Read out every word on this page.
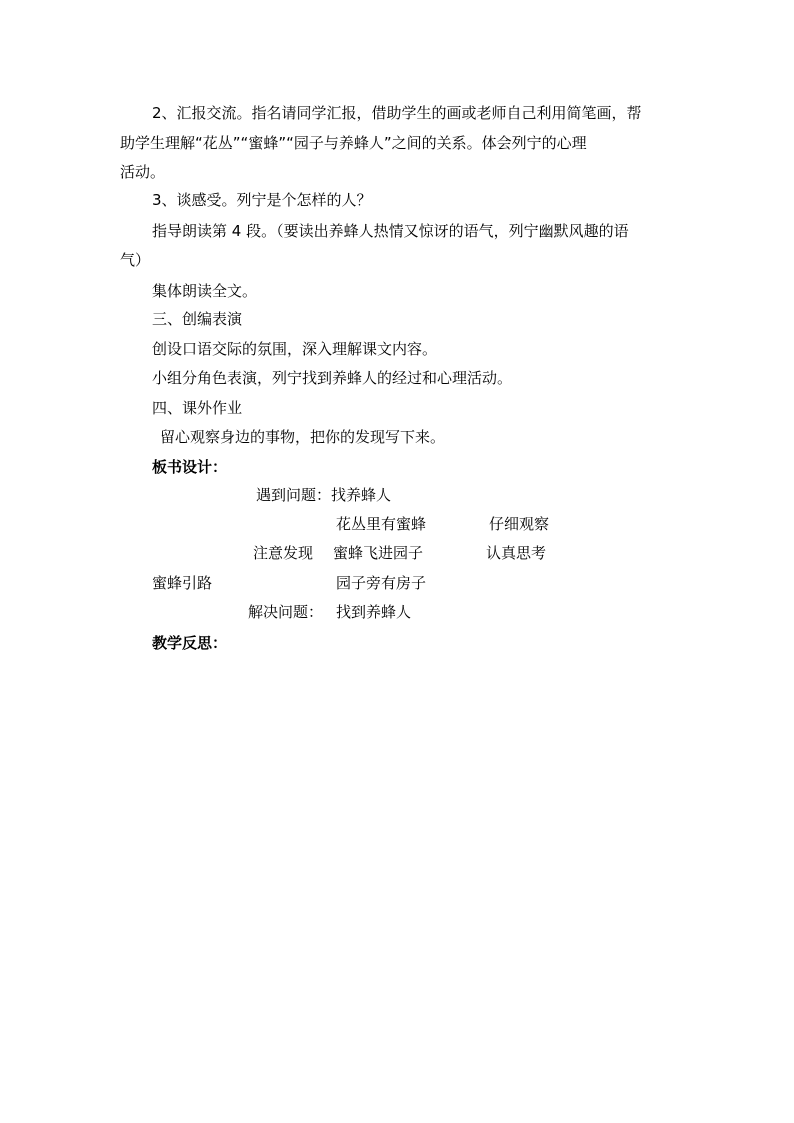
2、汇报交流。指名请同学汇报，借助学生的画或老师自己利用简笔画，帮
助学生理解“花丛”“蜜蜂”“园子与养蜂人”之间的关系。体会列宁的心理
活动。
3、谈感受。列宁是个怎样的人？
指导朗读第 4 段。（要读出养蜂人热情又惊讶的语气，列宁幽默风趣的语
气）
集体朗读全文。
三、创编表演
创设口语交际的氛围，深入理解课文内容。
小组分角色表演，列宁找到养蜂人的经过和心理活动。
四、课外作业
留心观察身边的事物，把你的发现写下来。
板书设计：
遇到问题：找养蜂人
花丛里有蜜蜂	仔细观察
注意发现 蜜蜂飞进园子	认真思考
蜜蜂引路	园子旁有房子
解决问题： 找到养蜂人
教学反思：
